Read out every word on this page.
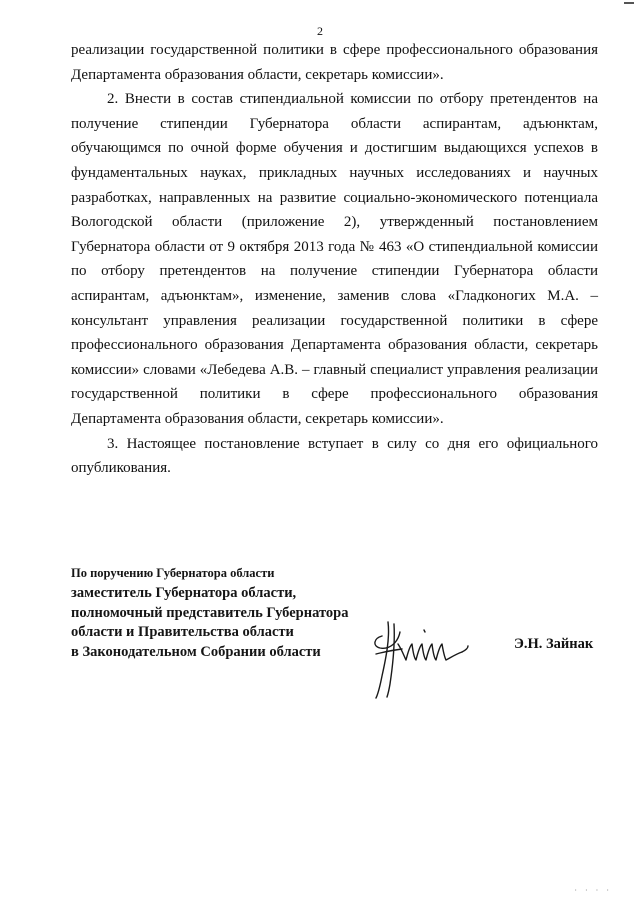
2

реализации государственной политики в сфере профессионального образования Департамента образования области, секретарь комиссии».

2. Внести в состав стипендиальной комиссии по отбору претендентов на получение стипендии Губернатора области аспирантам, адъюнктам, обучающимся по очной форме обучения и достигшим выдающихся успехов в фундаментальных науках, прикладных научных исследованиях и научных разработках, направленных на развитие социально-экономического потенциала Вологодской области (приложение 2), утвержденный постановлением Губернатора области от 9 октября 2013 года № 463 «О стипендиальной комиссии по отбору претендентов на получение стипендии Губернатора области аспирантам, адъюнктам», изменение, заменив слова «Гладконогих М.А. – консультант управления реализации государственной политики в сфере профессионального образования Департамента образования области, секретарь комиссии» словами «Лебедева А.В. – главный специалист управления реализации государственной политики в сфере профессионального образования Департамента образования области, секретарь комиссии».

3. Настоящее постановление вступает в силу со дня его официального опубликования.

По поручению Губернатора области
заместитель Губернатора области,
полномочный представитель Губернатора
области и Правительства области
в Законодательном Собрании области	Э.Н. Зайнак
· · · ·
